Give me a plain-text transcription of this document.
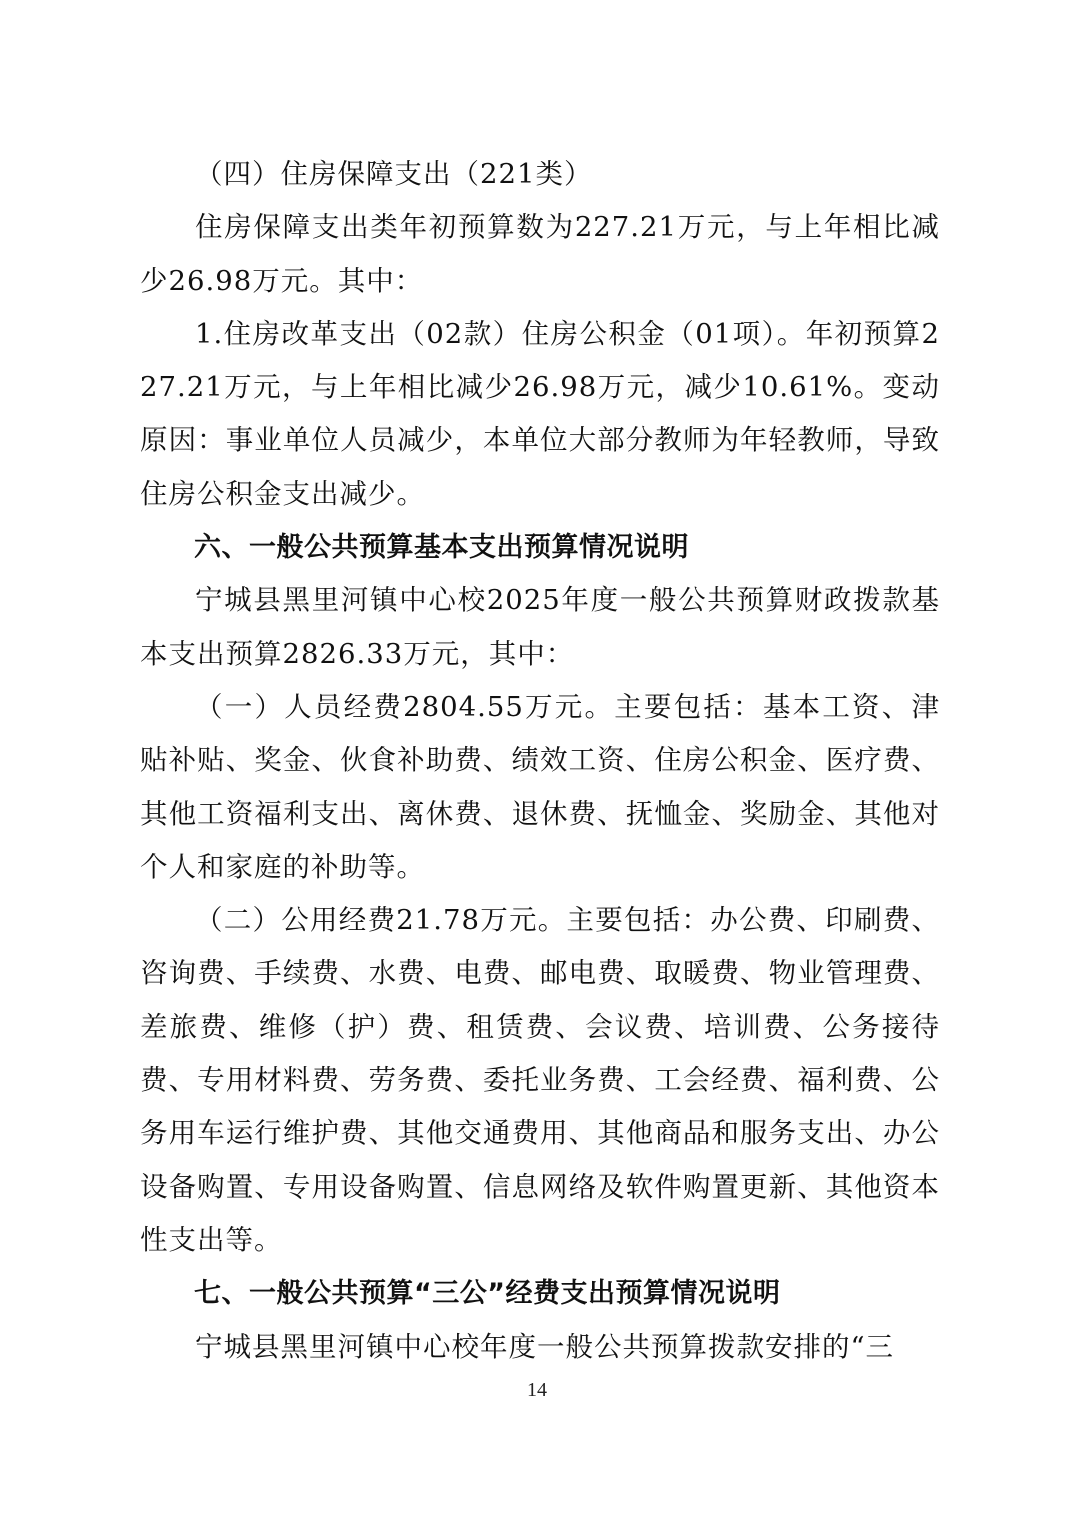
（四）住房保障支出（221类）

住房保障支出类年初预算数为227.21万元，与上年相比减少26.98万元。其中：

1.住房改革支出（02款）住房公积金（01项）。年初预算227.21万元，与上年相比减少26.98万元，减少10.61%。变动原因：事业单位人员减少，本单位大部分教师为年轻教师，导致住房公积金支出减少。

六、一般公共预算基本支出预算情况说明

宁城县黑里河镇中心校2025年度一般公共预算财政拨款基本支出预算2826.33万元，其中：

（一）人员经费2804.55万元。主要包括：基本工资、津贴补贴、奖金、伙食补助费、绩效工资、住房公积金、医疗费、其他工资福利支出、离休费、退休费、抚恤金、奖励金、其他对个人和家庭的补助等。

（二）公用经费21.78万元。主要包括：办公费、印刷费、咨询费、手续费、水费、电费、邮电费、取暖费、物业管理费、差旅费、维修（护）费、租赁费、会议费、培训费、公务接待费、专用材料费、劳务费、委托业务费、工会经费、福利费、公务用车运行维护费、其他交通费用、其他商品和服务支出、办公设备购置、专用设备购置、信息网络及软件购置更新、其他资本性支出等。

七、一般公共预算“三公”经费支出预算情况说明

宁城县黑里河镇中心校年度一般公共预算拨款安排的“三

14
